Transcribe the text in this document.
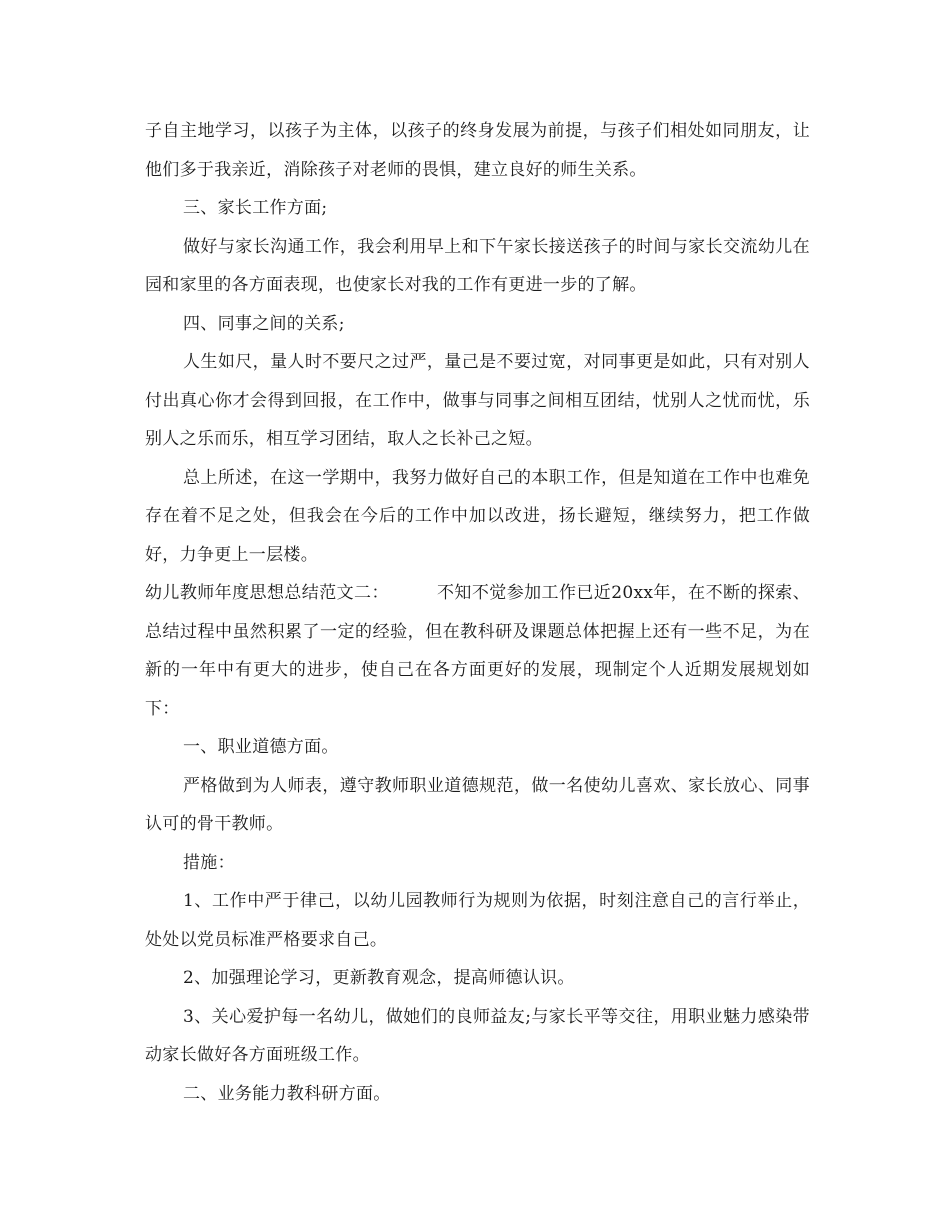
子自主地学习，以孩子为主体，以孩子的终身发展为前提，与孩子们相处如同朋友，让他们多于我亲近，消除孩子对老师的畏惧，建立良好的师生关系。

三、家长工作方面;

做好与家长沟通工作，我会利用早上和下午家长接送孩子的时间与家长交流幼儿在园和家里的各方面表现，也使家长对我的工作有更进一步的了解。

四、同事之间的关系;

人生如尺，量人时不要尺之过严，量己是不要过宽，对同事更是如此，只有对别人付出真心你才会得到回报，在工作中，做事与同事之间相互团结，忧别人之忧而忧，乐别人之乐而乐，相互学习团结，取人之长补己之短。

总上所述，在这一学期中，我努力做好自己的本职工作，但是知道在工作中也难免存在着不足之处，但我会在今后的工作中加以改进，扬长避短，继续努力，把工作做好，力争更上一层楼。

幼儿教师年度思想总结范文二：	不知不觉参加工作已近20xx年，在不断的探索、总结过程中虽然积累了一定的经验，但在教科研及课题总体把握上还有一些不足，为在新的一年中有更大的进步，使自己在各方面更好的发展，现制定个人近期发展规划如下：

一、职业道德方面。

严格做到为人师表，遵守教师职业道德规范，做一名使幼儿喜欢、家长放心、同事认可的骨干教师。

措施：

1、工作中严于律己，以幼儿园教师行为规则为依据，时刻注意自己的言行举止，处处以党员标准严格要求自己。

2、加强理论学习，更新教育观念，提高师德认识。

3、关心爱护每一名幼儿，做她们的良师益友;与家长平等交往，用职业魅力感染带动家长做好各方面班级工作。

二、业务能力教科研方面。
